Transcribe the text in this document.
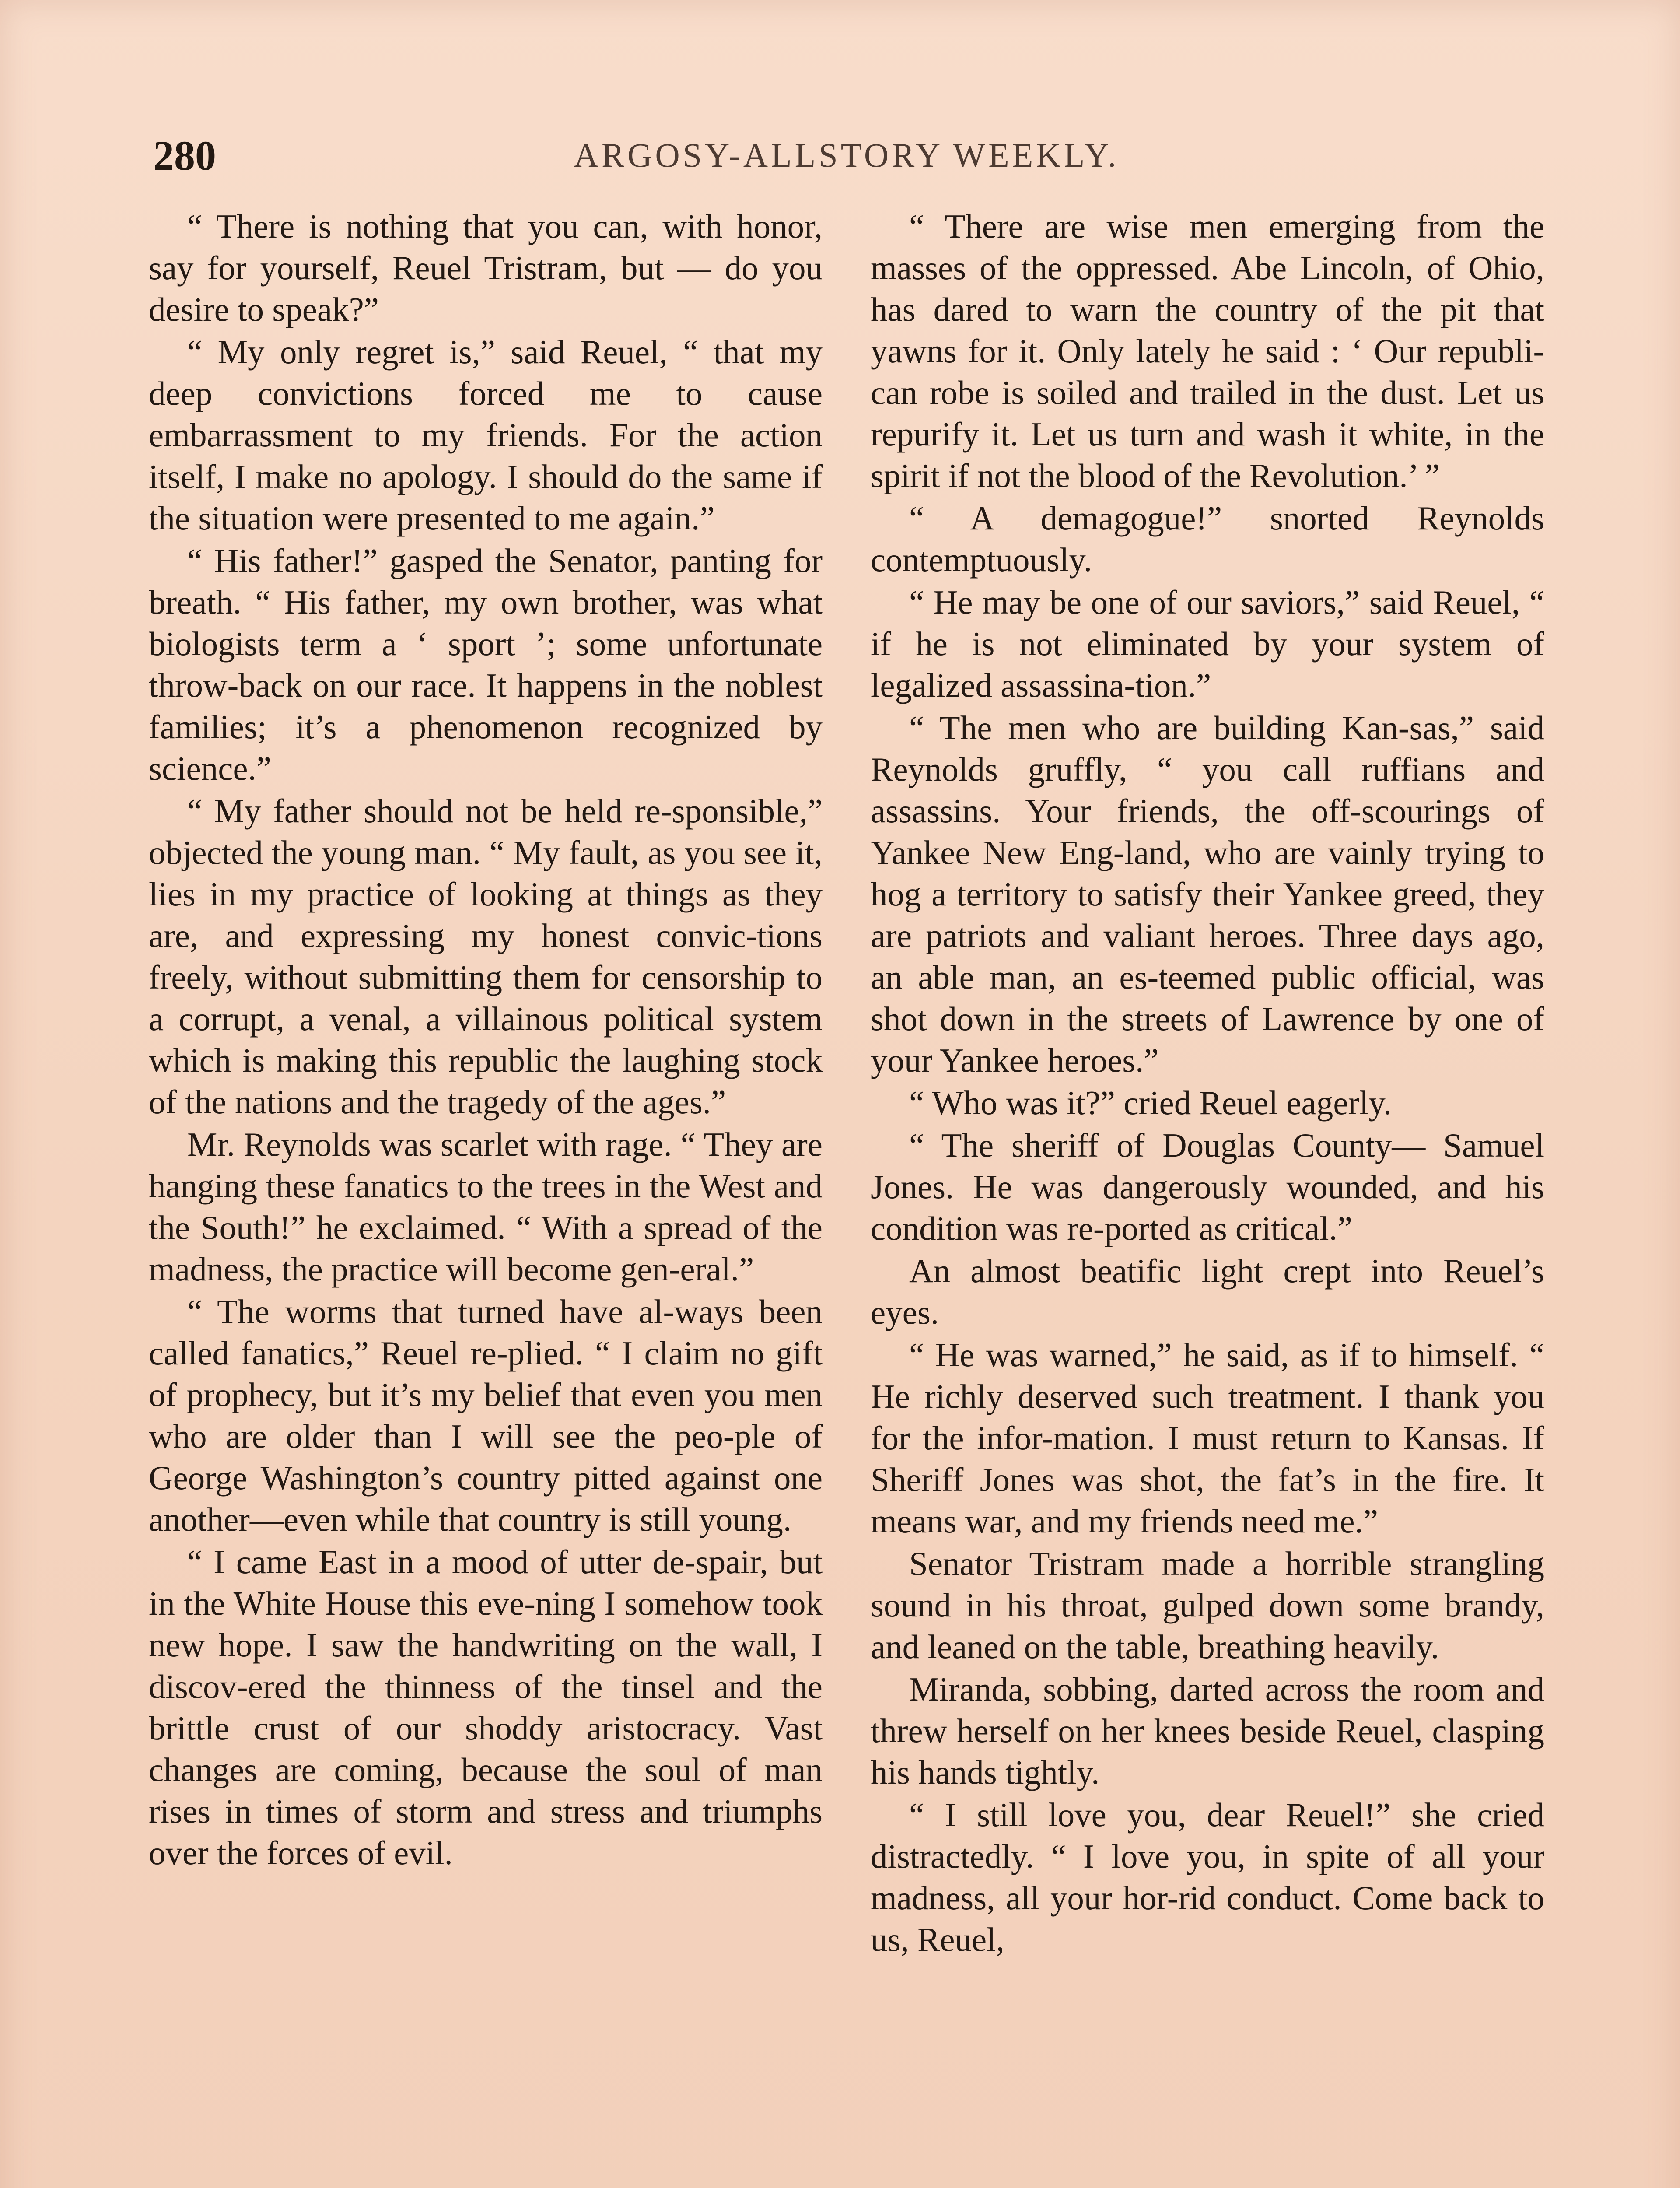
280	ARGOSY-ALLSTORY WEEKLY.

“ There is nothing that you can, with honor, say for yourself, Reuel Tristram, but — do you desire to speak?”

“ My only regret is,” said Reuel, “ that my deep convictions forced me to cause embarrassment to my friends. For the action itself, I make no apology. I should do the same if the situation were presented to me again.”

“ His father!” gasped the Senator, panting for breath. “ His father, my own brother, was what biologists term a ‘ sport ’; some unfortunate throw-back on our race. It happens in the noblest families; it’s a phenomenon recognized by science.”

“ My father should not be held re-sponsible,” objected the young man. “ My fault, as you see it, lies in my practice of looking at things as they are, and expressing my honest convic-tions freely, without submitting them for censorship to a corrupt, a venal, a villainous political system which is making this republic the laughing stock of the nations and the tragedy of the ages.”

Mr. Reynolds was scarlet with rage. “ They are hanging these fanatics to the trees in the West and the South!” he exclaimed. “ With a spread of the madness, the practice will become gen-eral.”

“ The worms that turned have al-ways been called fanatics,” Reuel re-plied. “ I claim no gift of prophecy, but it’s my belief that even you men who are older than I will see the peo-ple of George Washington’s country pitted against one another—even while that country is still young.

“ I came East in a mood of utter de-spair, but in the White House this eve-ning I somehow took new hope. I saw the handwriting on the wall, I discov-ered the thinness of the tinsel and the brittle crust of our shoddy aristocracy. Vast changes are coming, because the soul of man rises in times of storm and stress and triumphs over the forces of evil.

“ There are wise men emerging from the masses of the oppressed. Abe Lincoln, of Ohio, has dared to warn the country of the pit that yawns for it. Only lately he said : ‘ Our republi-can robe is soiled and trailed in the dust. Let us repurify it. Let us turn and wash it white, in the spirit if not the blood of the Revolution.’ ”

“ A demagogue!” snorted Reynolds contemptuously.

“ He may be one of our saviors,” said Reuel, “ if he is not eliminated by your system of legalized assassina-tion.”

“ The men who are building Kan-sas,” said Reynolds gruffly, “ you call ruffians and assassins. Your friends, the off-scourings of Yankee New Eng-land, who are vainly trying to hog a territory to satisfy their Yankee greed, they are patriots and valiant heroes. Three days ago, an able man, an es-teemed public official, was shot down in the streets of Lawrence by one of your Yankee heroes.”

“ Who was it?” cried Reuel eagerly.

“ The sheriff of Douglas County— Samuel Jones. He was dangerously wounded, and his condition was re-ported as critical.”

An almost beatific light crept into Reuel’s eyes.

“ He was warned,” he said, as if to himself. “ He richly deserved such treatment. I thank you for the infor-mation. I must return to Kansas. If Sheriff Jones was shot, the fat’s in the fire. It means war, and my friends need me.”

Senator Tristram made a horrible strangling sound in his throat, gulped down some brandy, and leaned on the table, breathing heavily.

Miranda, sobbing, darted across the room and threw herself on her knees beside Reuel, clasping his hands tightly.

“ I still love you, dear Reuel!” she cried distractedly. “ I love you, in spite of all your madness, all your hor-rid conduct. Come back to us, Reuel,
